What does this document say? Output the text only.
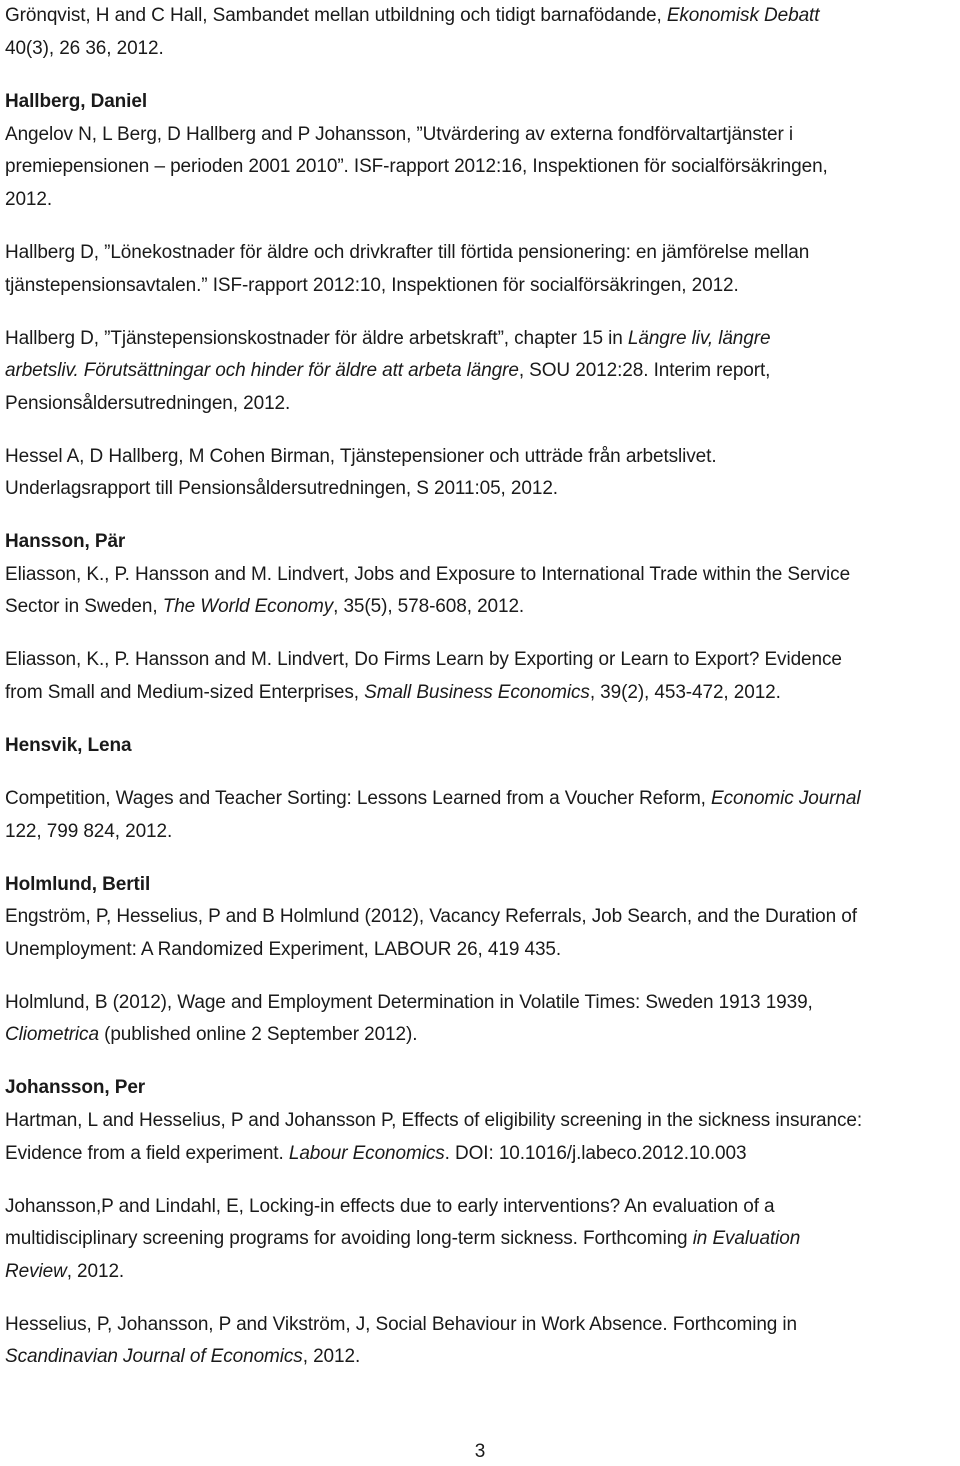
Grönqvist, H and C Hall, Sambandet mellan utbildning och tidigt barnafödande, Ekonomisk Debatt
40(3), 26 36, 2012.
Hallberg, Daniel
Angelov N, L Berg, D Hallberg and P Johansson, ”Utvärdering av externa fondförvaltartjänster i
premiepensionen – perioden 2001 2010”. ISF-rapport 2012:16, Inspektionen för socialförsäkringen,
2012.
Hallberg D, ”Lönekostnader för äldre och drivkrafter till förtida pensionering: en jämförelse mellan
tjänstepensionsavtalen.” ISF-rapport 2012:10, Inspektionen för socialförsäkringen, 2012.
Hallberg D, ”Tjänstepensionskostnader för äldre arbetskraft”, chapter 15 in Längre liv, längre
arbetsliv. Förutsättningar och hinder för äldre att arbeta längre, SOU 2012:28. Interim report,
Pensionsåldersutredningen, 2012.
Hessel A, D Hallberg, M Cohen Birman, Tjänstepensioner och utträde från arbetslivet.
Underlagsrapport till Pensionsåldersutredningen, S 2011:05, 2012.
Hansson, Pär
Eliasson, K., P. Hansson and M. Lindvert, Jobs and Exposure to International Trade within the Service
Sector in Sweden, The World Economy, 35(5), 578-608, 2012.
Eliasson, K., P. Hansson and M. Lindvert, Do Firms Learn by Exporting or Learn to Export? Evidence
from Small and Medium-sized Enterprises, Small Business Economics, 39(2), 453-472, 2012.
Hensvik, Lena
Competition, Wages and Teacher Sorting: Lessons Learned from a Voucher Reform, Economic Journal
122, 799 824, 2012.
Holmlund, Bertil
Engström, P, Hesselius, P and B Holmlund (2012), Vacancy Referrals, Job Search, and the Duration of
Unemployment: A Randomized Experiment, LABOUR 26, 419 435.
Holmlund, B (2012), Wage and Employment Determination in Volatile Times: Sweden 1913 1939,
Cliometrica (published online 2 September 2012).
Johansson, Per
Hartman, L and Hesselius, P and Johansson P, Effects of eligibility screening in the sickness insurance:
Evidence from a field experiment. Labour Economics. DOI: 10.1016/j.labeco.2012.10.003
Johansson,P and Lindahl, E, Locking-in effects due to early interventions? An evaluation of a
multidisciplinary screening programs for avoiding long-term sickness. Forthcoming in Evaluation
Review, 2012.
Hesselius, P, Johansson, P and Vikström, J, Social Behaviour in Work Absence. Forthcoming in
Scandinavian Journal of Economics, 2012.
3
